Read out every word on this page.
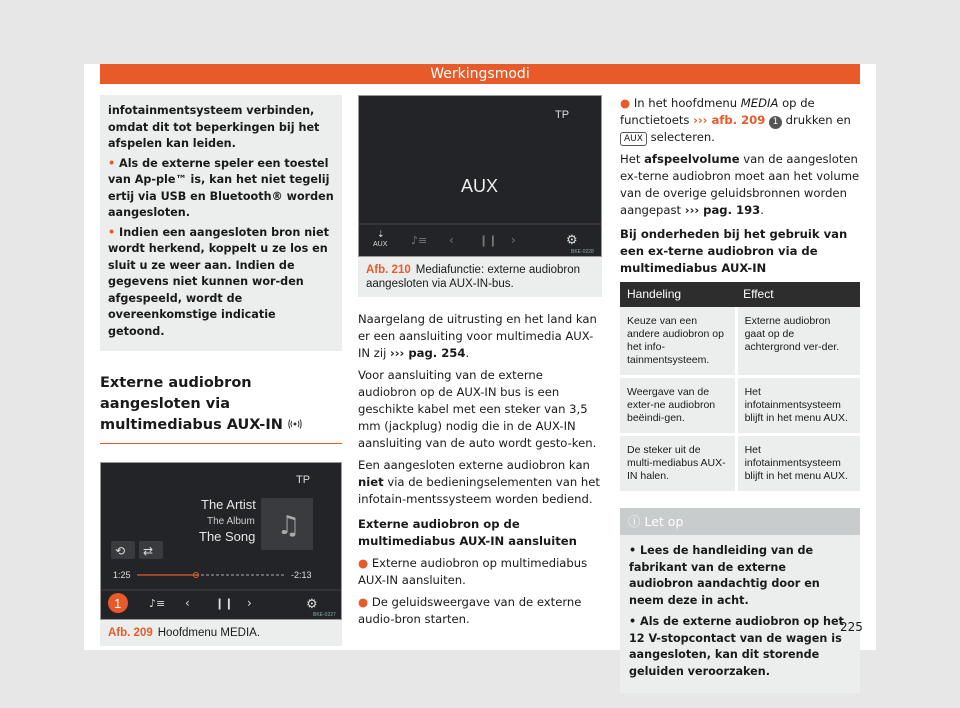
Werkingsmodi

infotainmentsysteem verbinden, omdat dit tot beperkingen bij het afspelen kan leiden.

• Als de externe speler een toestel van Ap-ple™ is, kan het niet tegelij ertij via USB en Bluetooth® worden aangesloten.

• Indien een aangesloten bron niet wordt herkend, koppelt u ze los en sluit u ze weer aan. Indien de gegevens niet kunnen wor-den afgespeeld, wordt de overeenkomstige indicatie getoond.

Externe audiobron aangesloten via multimediabus AUX-IN
TP
The Artist
The Album
The Song ♫
⟲ ⇄
1:25	-2:13
1	♪≡ ‹ ❙❙ ›	⚙
BKE-0227
Afb. 209 Hoofdmenu MEDIA.
TP
AUX
AUX
⇣ ♪≡ ‹ ❙❙ ›	⚙
BKE-0228
Afb. 210 Mediafunctie: externe audiobron aangesloten via AUX-IN-bus.

Naargelang de uitrusting en het land kan er een aansluiting voor multimedia AUX-IN zij ››› pag. 254.

Voor aansluiting van de externe audiobron op de AUX-IN bus is een geschikte kabel met een steker van 3,5 mm (jackplug) nodig die in de AUX-IN aansluiting van de auto wordt gesto-ken.

Een aangesloten externe audiobron kan niet via de bedieningselementen van het infotain-mentssysteem worden bediend.

Externe audiobron op de multimediabus AUX-IN aansluiten

● Externe audiobron op multimediabus AUX-IN aansluiten.

● De geluidsweergave van de externe audio-bron starten.

● In het hoofdmenu MEDIA op de functietoets ››› afb. 209 1 drukken en AUX selecteren.

Het afspeelvolume van de aangesloten ex-terne audiobron moet aan het volume van de overige geluidsbronnen worden aangepast ››› pag. 193.

Bij onderheden bij het gebruik van een ex-terne audiobron via de multimediabus AUX-IN

Handeling	Effect
Keuze van een andere audiobron op het info-tainmentsysteem.	Externe audiobron gaat op de achtergrond ver-der.
Weergave van de exter-ne audiobron beëindi-gen.	Het infotainmentsysteem blijft in het menu AUX.
De steker uit de multi-mediabus AUX-IN halen.	Het infotainmentsysteem blijft in het menu AUX.
ⓘ Let op

• Lees de handleiding van de fabrikant van de externe audiobron aandachtig door en neem deze in acht.

• Als de externe audiobron op het 12 V-stopcontact van de wagen is aangesloten, kan dit storende geluiden veroorzaken.

225
